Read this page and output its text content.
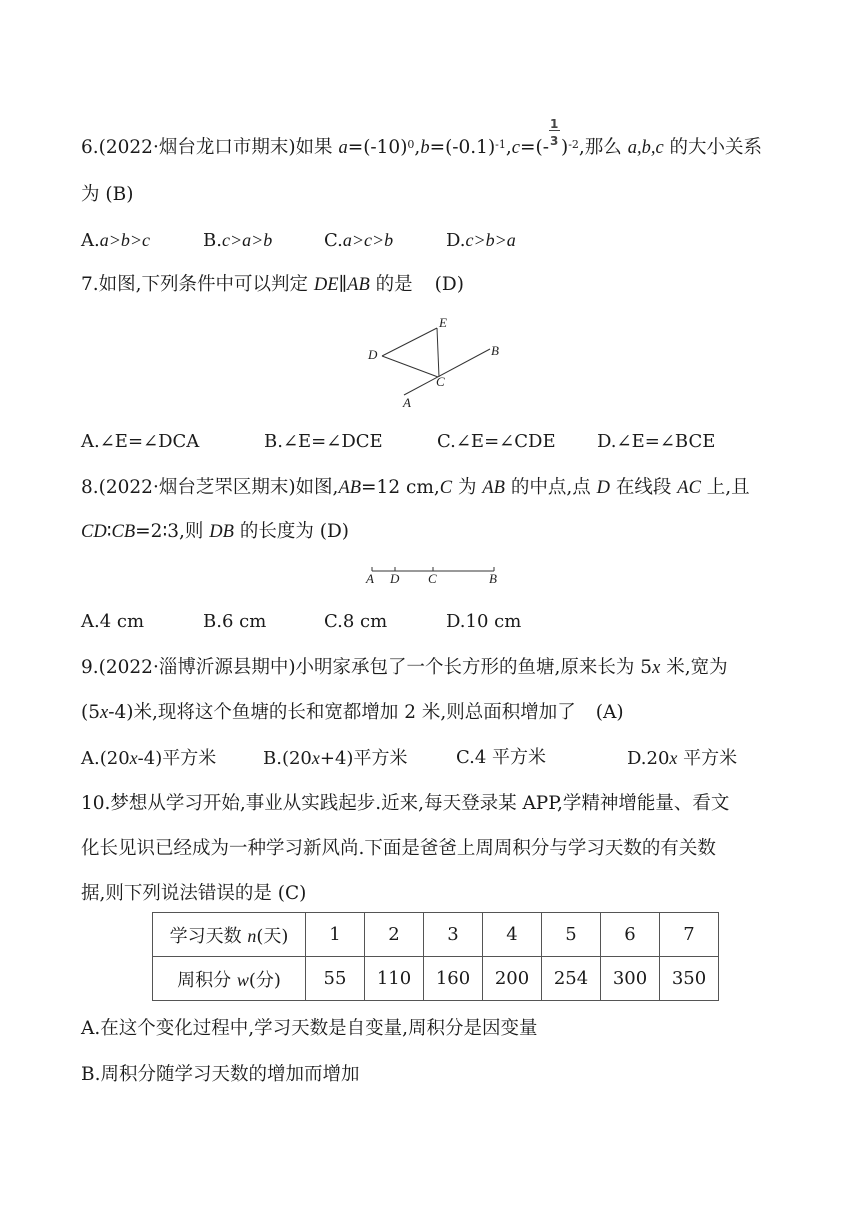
6.(2022·烟台龙口市期末)如果 $a=(-10)^0,b=(-0.1)^{-1},c=(-$
1
3 )$^{-2}$,那么 a,b,c 的大小关系
为 (B)
A.a>b>c	B.c>a>b	C.a>c>b	D.c>b>a
7.如图,下列条件中可以判定 DE∥AB 的是 (D)
D
E
B
C
A
A.∠E=∠DCA	B.∠E=∠DCE	C.∠E=∠CDE D.∠E=∠BCE
8.(2022·烟台芝罘区期末)如图,AB=12 cm,C 为 AB 的中点,点 D 在线段 AC 上,且
CD∶CB=2∶3,则 DB 的长度为 (D)
A D C	B
A.4 cm	B.6 cm	C.8 cm	D.10 cm
9.(2022·淄博沂源县期中)小明家承包了一个长方形的鱼塘,原来长为 5x 米,宽为
(5x-4)米,现将这个鱼塘的长和宽都增加 2 米,则总面积增加了 (A)
A.(20x-4)平方米	B.(20x+4)平方米	C.4 平方米	D.20x 平方米
10.梦想从学习开始,事业从实践起步.近来,每天登录某 APP,学精神增能量、看文
化长见识已经成为一种学习新风尚.下面是爸爸上周周积分与学习天数的有关数
据,则下列说法错误的是 (C)
学习天数 n(天)	1	2	3	4	5	6	7
周积分 w(分)	55	110	160	200	254	300	350
A.在这个变化过程中,学习天数是自变量,周积分是因变量
B.周积分随学习天数的增加而增加
